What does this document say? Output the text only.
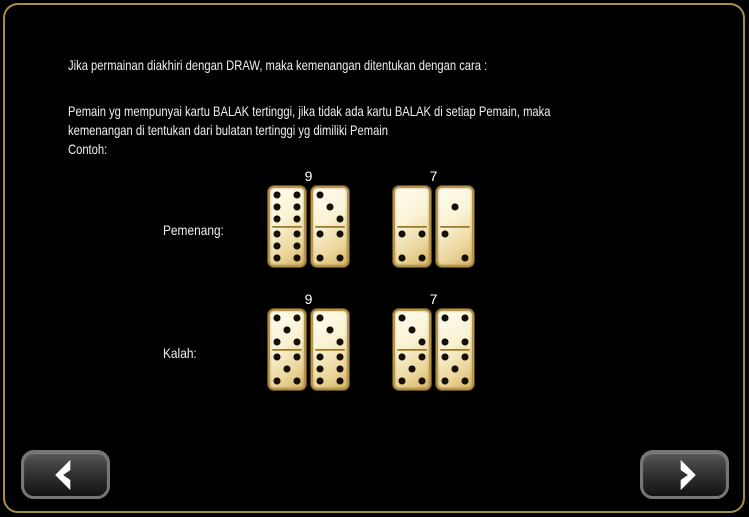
Jika permainan diakhiri dengan DRAW, maka kemenangan ditentukan dengan cara :

Pemain yg mempunyai kartu BALAK tertinggi, jika tidak ada kartu BALAK di setiap Pemain, maka

kemenangan di tentukan dari bulatan tertinggi yg dimiliki Pemain

Contoh:

Pemenang:
9	7
Kalah:
9	7
